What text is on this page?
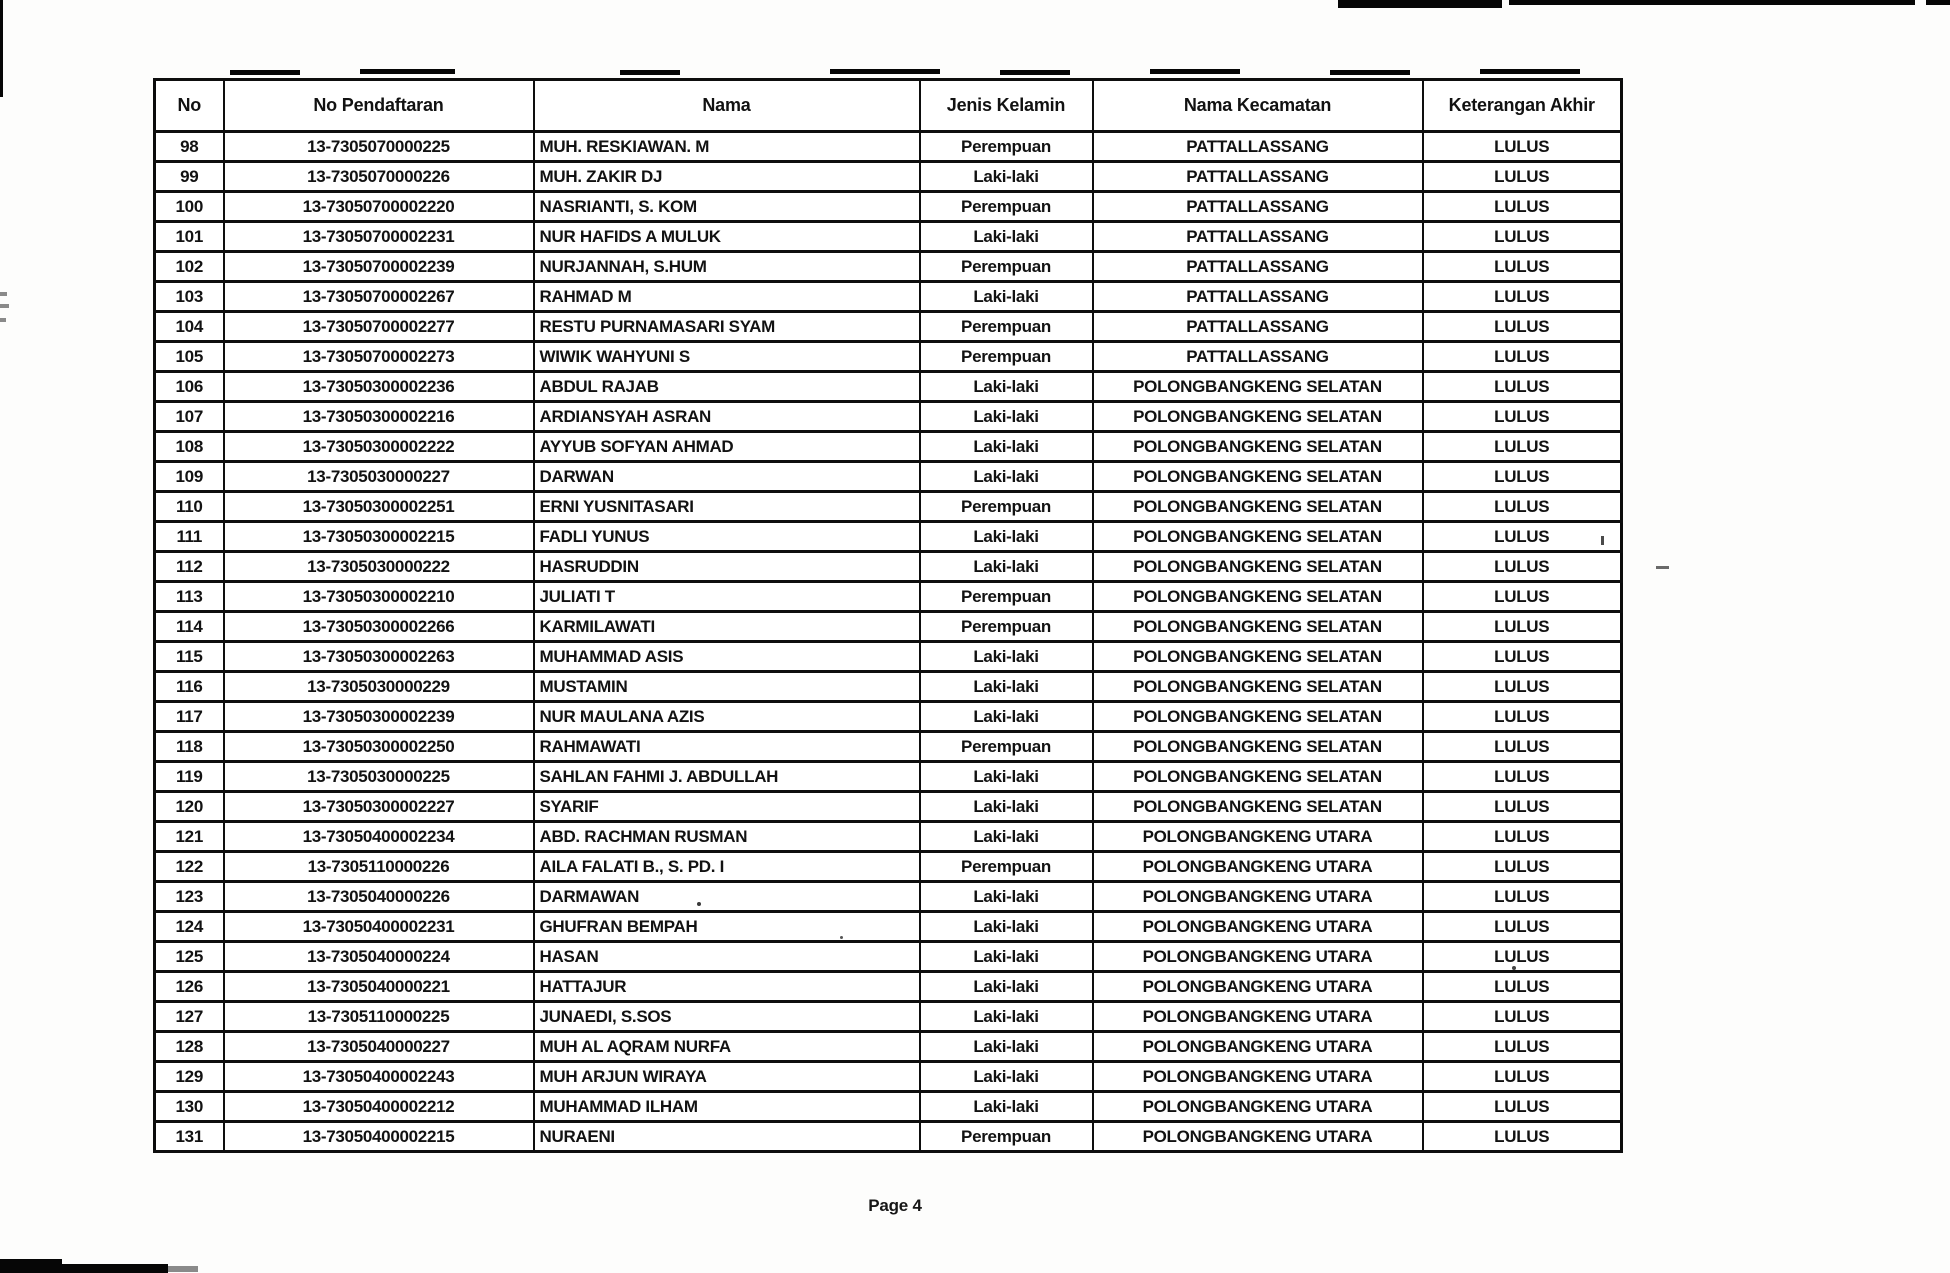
No	No Pendaftaran	Nama	Jenis Kelamin	Nama Kecamatan	Keterangan Akhir
98	13-7305070000225	MUH. RESKIAWAN. M	Perempuan	PATTALLASSANG	LULUS
99	13-7305070000226	MUH. ZAKIR DJ	Laki-laki	PATTALLASSANG	LULUS
100	13-73050700002220	NASRIANTI, S. KOM	Perempuan	PATTALLASSANG	LULUS
101	13-73050700002231	NUR HAFIDS A MULUK	Laki-laki	PATTALLASSANG	LULUS
102	13-73050700002239	NURJANNAH, S.HUM	Perempuan	PATTALLASSANG	LULUS
103	13-73050700002267	RAHMAD M	Laki-laki	PATTALLASSANG	LULUS
104	13-73050700002277	RESTU PURNAMASARI SYAM	Perempuan	PATTALLASSANG	LULUS
105	13-73050700002273	WIWIK WAHYUNI S	Perempuan	PATTALLASSANG	LULUS
106	13-73050300002236	ABDUL RAJAB	Laki-laki	POLONGBANGKENG SELATAN	LULUS
107	13-73050300002216	ARDIANSYAH ASRAN	Laki-laki	POLONGBANGKENG SELATAN	LULUS
108	13-73050300002222	AYYUB SOFYAN AHMAD	Laki-laki	POLONGBANGKENG SELATAN	LULUS
109	13-7305030000227	DARWAN	Laki-laki	POLONGBANGKENG SELATAN	LULUS
110	13-73050300002251	ERNI YUSNITASARI	Perempuan	POLONGBANGKENG SELATAN	LULUS
111	13-73050300002215	FADLI YUNUS	Laki-laki	POLONGBANGKENG SELATAN	LULUS
112	13-7305030000222	HASRUDDIN	Laki-laki	POLONGBANGKENG SELATAN	LULUS
113	13-73050300002210	JULIATI T	Perempuan	POLONGBANGKENG SELATAN	LULUS
114	13-73050300002266	KARMILAWATI	Perempuan	POLONGBANGKENG SELATAN	LULUS
115	13-73050300002263	MUHAMMAD ASIS	Laki-laki	POLONGBANGKENG SELATAN	LULUS
116	13-7305030000229	MUSTAMIN	Laki-laki	POLONGBANGKENG SELATAN	LULUS
117	13-73050300002239	NUR MAULANA AZIS	Laki-laki	POLONGBANGKENG SELATAN	LULUS
118	13-73050300002250	RAHMAWATI	Perempuan	POLONGBANGKENG SELATAN	LULUS
119	13-7305030000225	SAHLAN FAHMI J. ABDULLAH	Laki-laki	POLONGBANGKENG SELATAN	LULUS
120	13-73050300002227	SYARIF	Laki-laki	POLONGBANGKENG SELATAN	LULUS
121	13-73050400002234	ABD. RACHMAN RUSMAN	Laki-laki	POLONGBANGKENG UTARA	LULUS
122	13-7305110000226	AILA FALATI B., S. PD. I	Perempuan	POLONGBANGKENG UTARA	LULUS
123	13-7305040000226	DARMAWAN	Laki-laki	POLONGBANGKENG UTARA	LULUS
124	13-73050400002231	GHUFRAN BEMPAH	Laki-laki	POLONGBANGKENG UTARA	LULUS
125	13-7305040000224	HASAN	Laki-laki	POLONGBANGKENG UTARA	LULUS
126	13-7305040000221	HATTAJUR	Laki-laki	POLONGBANGKENG UTARA	LULUS
127	13-7305110000225	JUNAEDI, S.SOS	Laki-laki	POLONGBANGKENG UTARA	LULUS
128	13-7305040000227	MUH AL AQRAM NURFA	Laki-laki	POLONGBANGKENG UTARA	LULUS
129	13-73050400002243	MUH ARJUN WIRAYA	Laki-laki	POLONGBANGKENG UTARA	LULUS
130	13-73050400002212	MUHAMMAD ILHAM	Laki-laki	POLONGBANGKENG UTARA	LULUS
131	13-73050400002215	NURAENI	Perempuan	POLONGBANGKENG UTARA	LULUS
Page 4
